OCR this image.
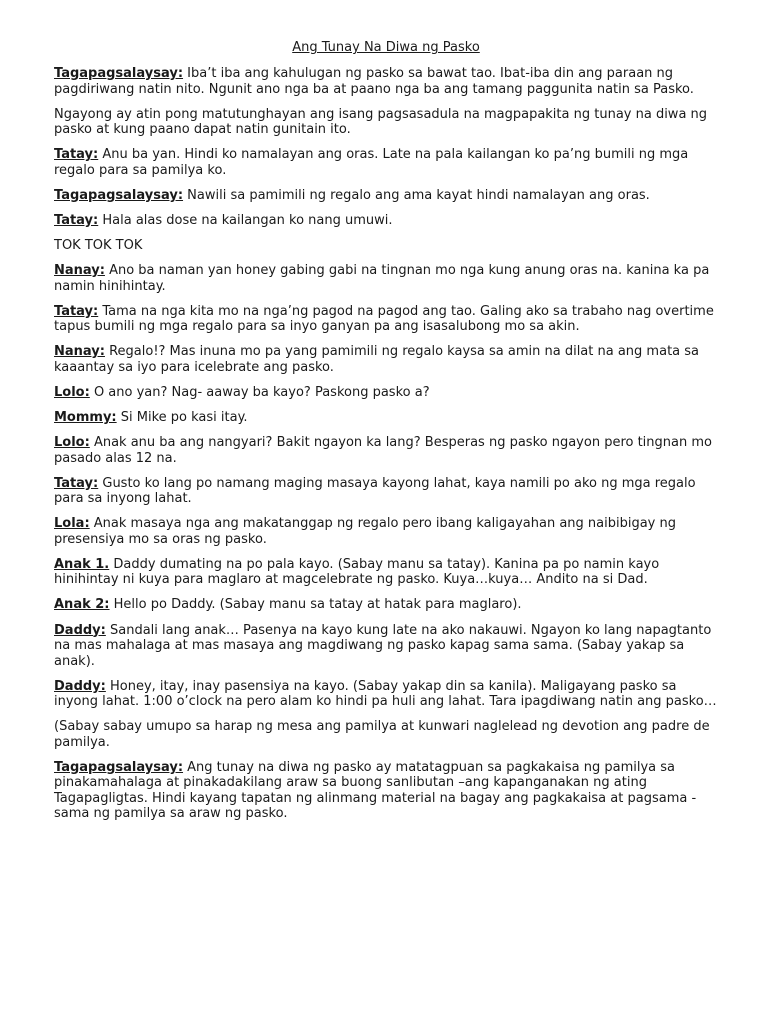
Ang Tunay Na Diwa ng Pasko

Tagapagsalaysay: Iba’t iba ang kahulugan ng pasko sa bawat tao. Ibat-iba din ang paraan ng pagdiriwang natin nito. Ngunit ano nga ba at paano nga ba ang tamang paggunita natin sa Pasko.

Ngayong ay atin pong matutunghayan ang isang pagsasadula na magpapakita ng tunay na diwa ng pasko at kung paano dapat natin gunitain ito.

Tatay: Anu ba yan. Hindi ko namalayan ang oras. Late na pala kailangan ko pa’ng bumili ng mga regalo para sa pamilya ko.

Tagapagsalaysay: Nawili sa pamimili ng regalo ang ama kayat hindi namalayan ang oras.

Tatay: Hala alas dose na kailangan ko nang umuwi.

TOK TOK TOK

Nanay: Ano ba naman yan honey gabing gabi na tingnan mo nga kung anung oras na. kanina ka pa namin hinihintay.

Tatay: Tama na nga kita mo na nga’ng pagod na pagod ang tao. Galing ako sa trabaho nag overtime tapus bumili ng mga regalo para sa inyo ganyan pa ang isasalubong mo sa akin.

Nanay: Regalo!? Mas inuna mo pa yang pamimili ng regalo kaysa sa amin na dilat na ang mata sa kaaantay sa iyo para icelebrate ang pasko.

Lolo: O ano yan? Nag- aaway ba kayo? Paskong pasko a?

Mommy: Si Mike po kasi itay.

Lolo: Anak anu ba ang nangyari? Bakit ngayon ka lang? Besperas ng pasko ngayon pero tingnan mo pasado alas 12 na.

Tatay: Gusto ko lang po namang maging masaya kayong lahat, kaya namili po ako ng mga regalo para sa inyong lahat.

Lola: Anak masaya nga ang makatanggap ng regalo pero ibang kaligayahan ang naibibigay ng presensiya mo sa oras ng pasko.

Anak 1. Daddy dumating na po pala kayo. (Sabay manu sa tatay). Kanina pa po namin kayo hinihintay ni kuya para maglaro at magcelebrate ng pasko. Kuya…kuya… Andito na si Dad.

Anak 2: Hello po Daddy. (Sabay manu sa tatay at hatak para maglaro).

Daddy: Sandali lang anak… Pasenya na kayo kung late na ako nakauwi. Ngayon ko lang napagtanto na mas mahalaga at mas masaya ang magdiwang ng pasko kapag sama sama. (Sabay yakap sa anak).

Daddy: Honey, itay, inay pasensiya na kayo. (Sabay yakap din sa kanila). Maligayang pasko sa inyong lahat. 1:00 o’clock na pero alam ko hindi pa huli ang lahat. Tara ipagdiwang natin ang pasko…

(Sabay sabay umupo sa harap ng mesa ang pamilya at kunwari naglelead ng devotion ang padre de pamilya.

Tagapagsalaysay: Ang tunay na diwa ng pasko ay matatagpuan sa pagkakaisa ng pamilya sa pinakamahalaga at pinakadakilang araw sa buong sanlibutan –ang kapanganakan ng ating Tagapagligtas. Hindi kayang tapatan ng alinmang material na bagay ang pagkakaisa at pagsama -sama ng pamilya sa araw ng pasko.
